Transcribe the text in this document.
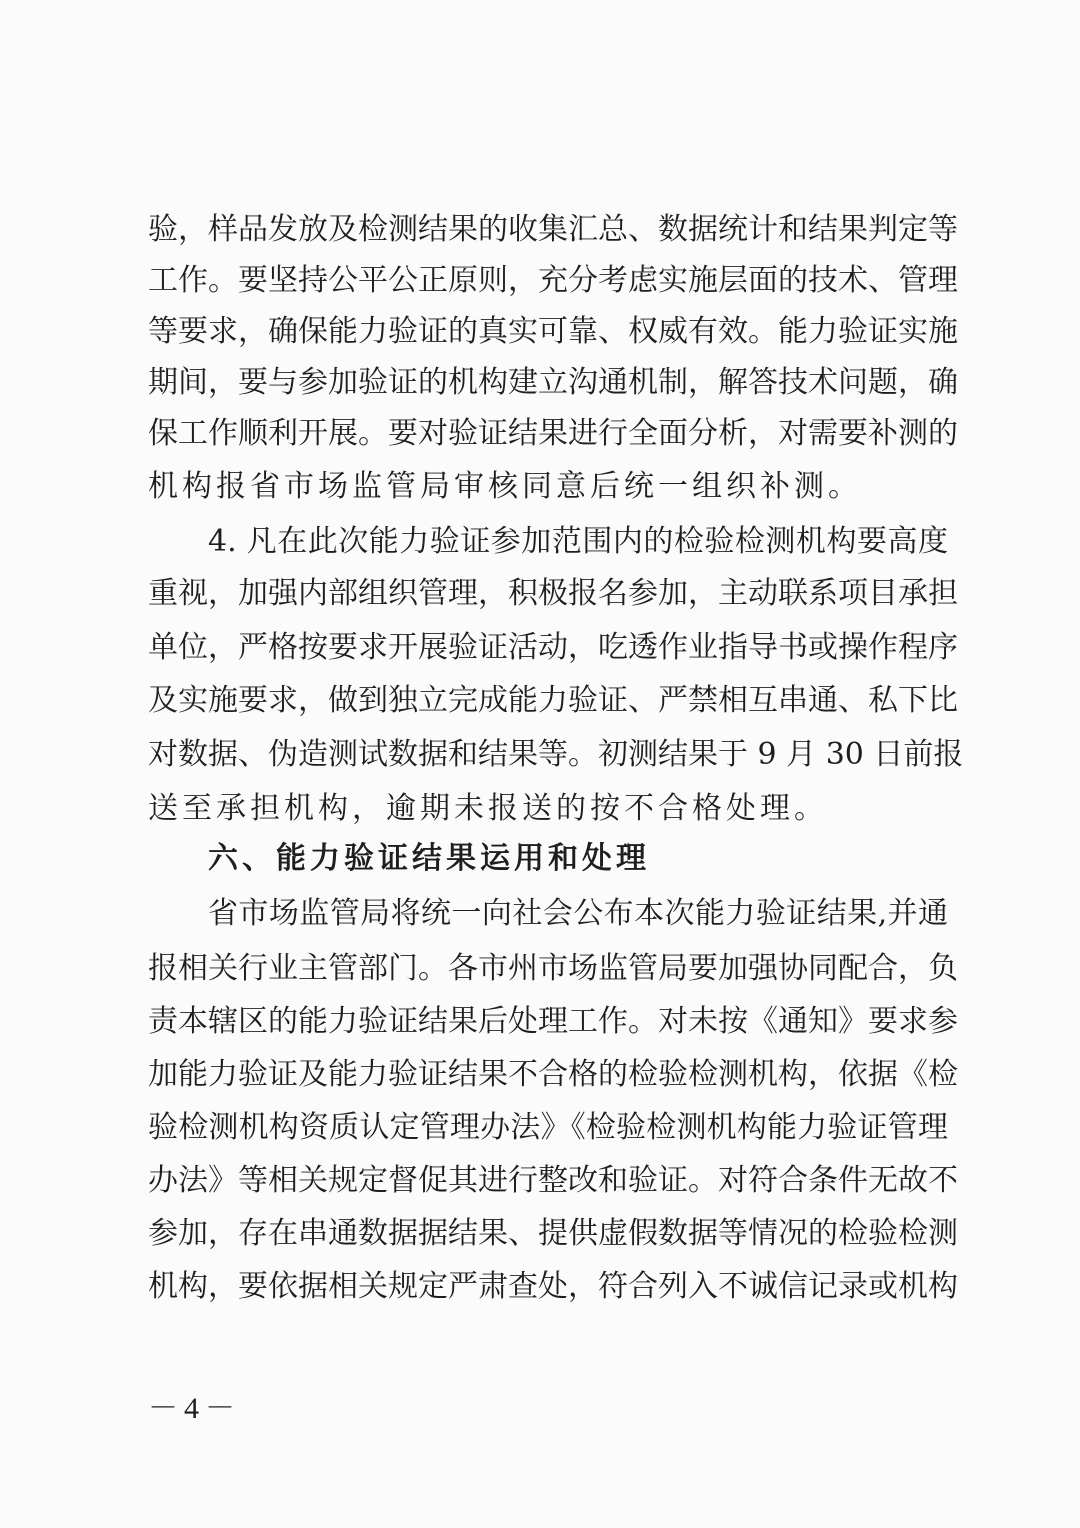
验，样品发放及检测结果的收集汇总、数据统计和结果判定等
工作。要坚持公平公正原则，充分考虑实施层面的技术、管理
等要求，确保能力验证的真实可靠、权威有效。能力验证实施
期间，要与参加验证的机构建立沟通机制，解答技术问题，确
保工作顺利开展。要对验证结果进行全面分析，对需要补测的
机构报省市场监管局审核同意后统一组织补测。
4. 凡在此次能力验证参加范围内的检验检测机构要高度
重视，加强内部组织管理，积极报名参加，主动联系项目承担
单位，严格按要求开展验证活动，吃透作业指导书或操作程序
及实施要求，做到独立完成能力验证、严禁相互串通、私下比
对数据、伪造测试数据和结果等。初测结果于 9 月 30 日前报
送至承担机构，逾期未报送的按不合格处理。
六、能力验证结果运用和处理
省市场监管局将统一向社会公布本次能力验证结果,并通
报相关行业主管部门。各市州市场监管局要加强协同配合，负
责本辖区的能力验证结果后处理工作。对未按《通知》要求参
加能力验证及能力验证结果不合格的检验检测机构，依据《检
验检测机构资质认定管理办法》《检验检测机构能力验证管理
办法》等相关规定督促其进行整改和验证。对符合条件无故不
参加，存在串通数据据结果、提供虚假数据等情况的检验检测
机构，要依据相关规定严肃查处，符合列入不诚信记录或机构
－4－
